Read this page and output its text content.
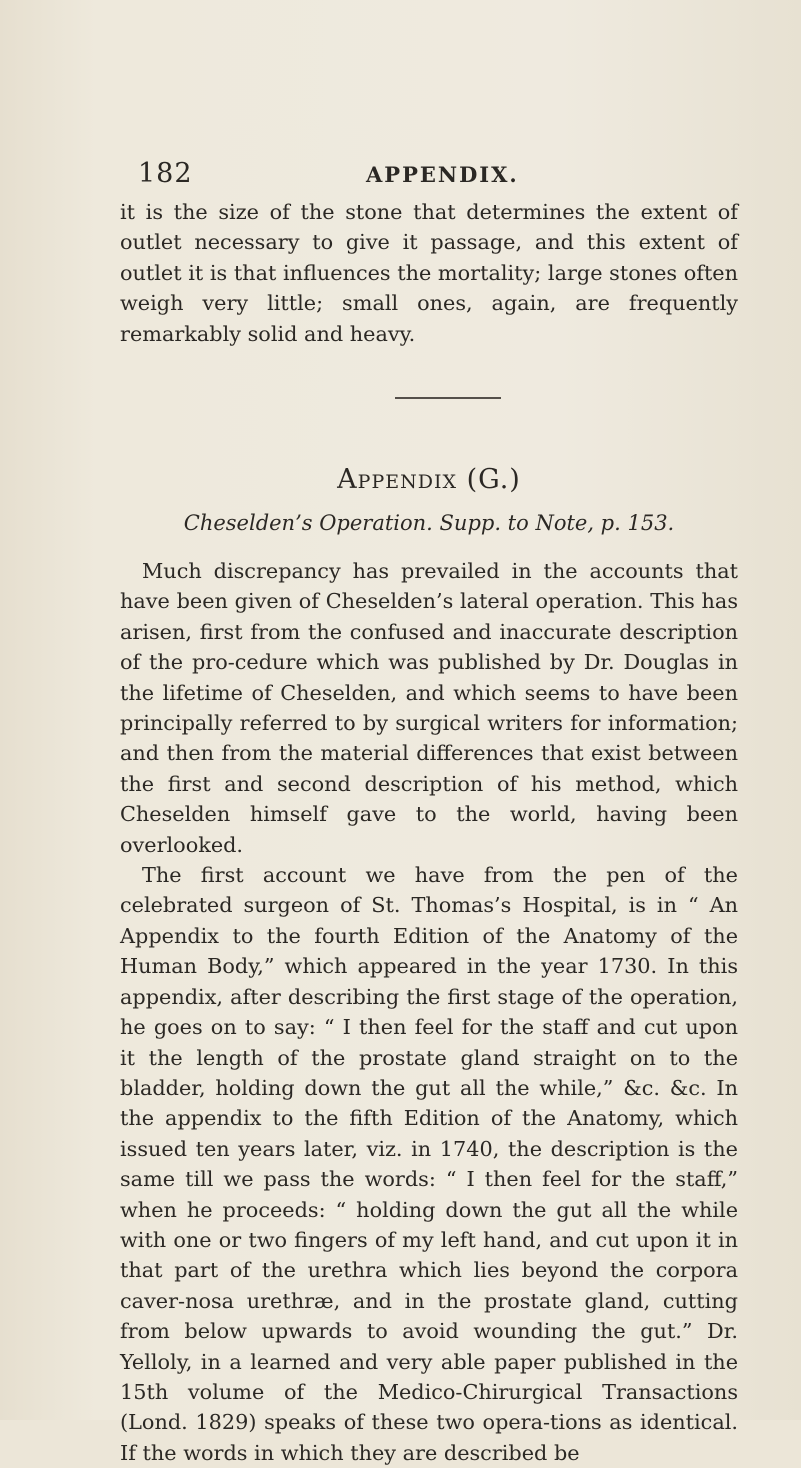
182	APPENDIX.

it is the size of the stone that determines the extent of outlet necessary to give it passage, and this extent of outlet it is that influences the mortality; large stones often weigh very little; small ones, again, are frequently remarkably solid and heavy.

Appendix (G.)
Cheselden’s Operation. Supp. to Note, p. 153.

Much discrepancy has prevailed in the accounts that have been given of Cheselden’s lateral operation. This has arisen, first from the confused and inaccurate description of the pro-cedure which was published by Dr. Douglas in the lifetime of Cheselden, and which seems to have been principally referred to by surgical writers for information; and then from the material differences that exist between the first and second description of his method, which Cheselden himself gave to the world, having been overlooked.

The first account we have from the pen of the celebrated surgeon of St. Thomas’s Hospital, is in “ An Appendix to the fourth Edition of the Anatomy of the Human Body,” which appeared in the year 1730. In this appendix, after describing the first stage of the operation, he goes on to say: “ I then feel for the staff and cut upon it the length of the prostate gland straight on to the bladder, holding down the gut all the while,” &c. &c. In the appendix to the fifth Edition of the Anatomy, which issued ten years later, viz. in 1740, the description is the same till we pass the words: “ I then feel for the staff,” when he proceeds: “ holding down the gut all the while with one or two fingers of my left hand, and cut upon it in that part of the urethra which lies beyond the corpora caver-nosa urethræ, and in the prostate gland, cutting from below upwards to avoid wounding the gut.” Dr. Yelloly, in a learned and very able paper published in the 15th volume of the Medico-Chirurgical Transactions (Lond. 1829) speaks of these two opera-tions as identical. If the words in which they are described be
